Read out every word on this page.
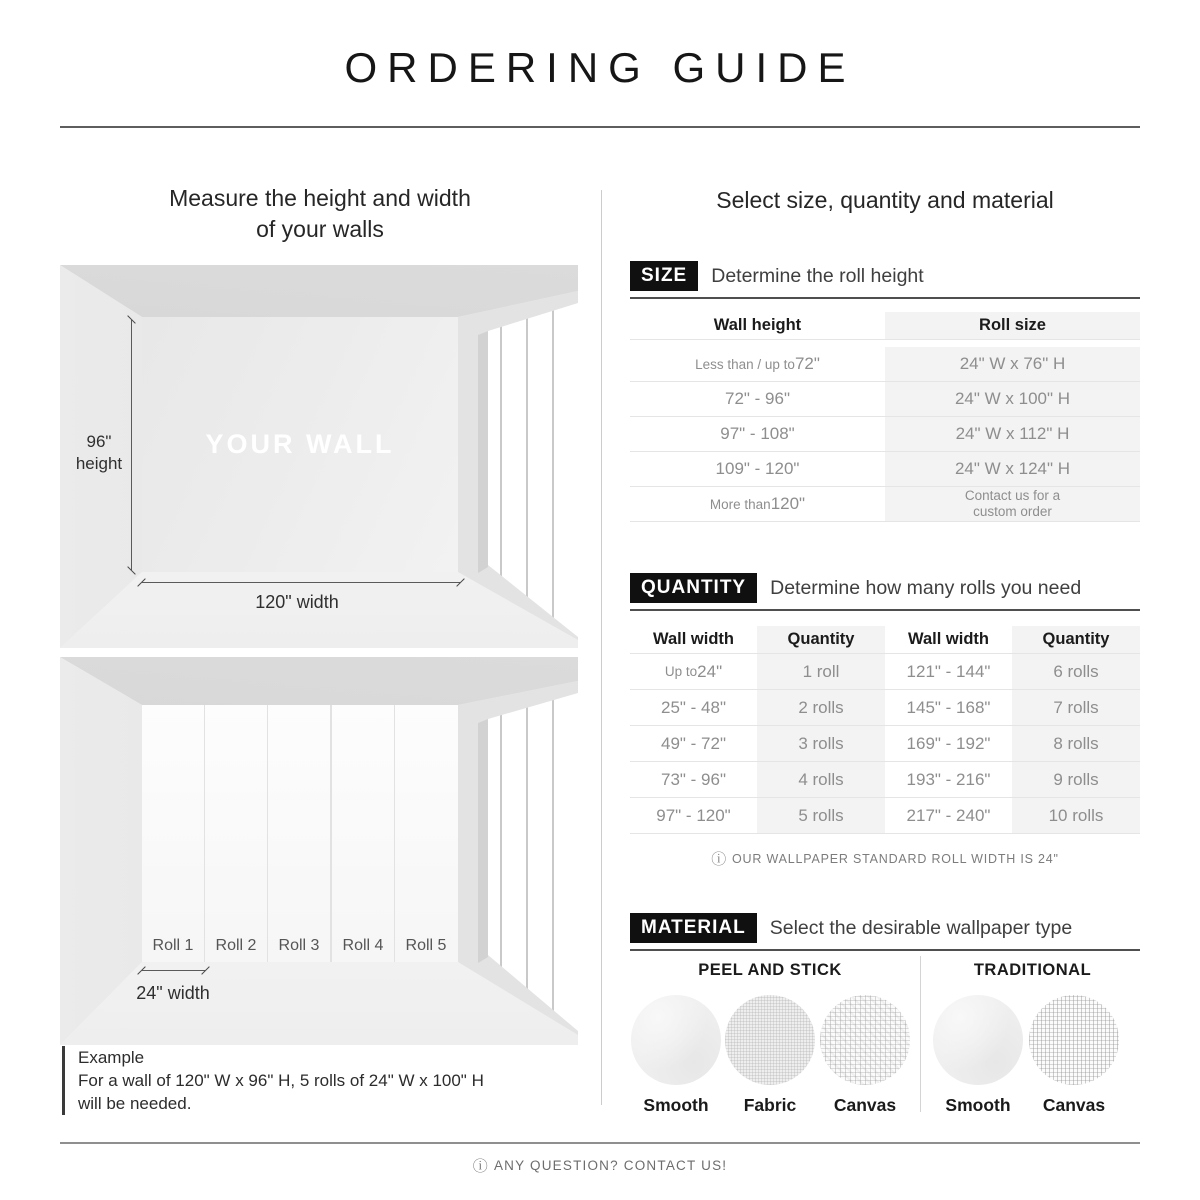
ORDERING GUIDE
Measure the height and width
of your walls
Select size, quantity and material
YOUR WALL
96"
height
120" width
Roll 1	Roll 2	Roll 3	Roll 4	Roll 5
24" width
Example
For a wall of 120" W x 96" H, 5 rolls of 24" W x 100" H
will be needed.
SIZE	Determine the roll height
Wall height	Roll size
Less than / up to 72"	24" W x 76" H
72" - 96"	24" W x 100" H
97" - 108"	24" W x 112" H
109" - 120"	24" W x 124" H
More than 120"	Contact us for a
custom order
QUANTITY	Determine how many rolls you need
Wall width	Quantity	Wall width	Quantity
Up to 24"	1 roll	121" - 144"	6 rolls
25" - 48"	2 rolls	145" - 168"	7 rolls
49" - 72"	3 rolls	169" - 192"	8 rolls
73" - 96"	4 rolls	193" - 216"	9 rolls
97" - 120"	5 rolls	217" - 240"	10 rolls
ⓘ OUR WALLPAPER STANDARD ROLL WIDTH IS 24"
MATERIAL	Select the desirable wallpaper type
PEEL AND STICK	TRADITIONAL
Smooth	Fabric	Canvas	Smooth	Canvas
ⓘ ANY QUESTION? CONTACT US!
